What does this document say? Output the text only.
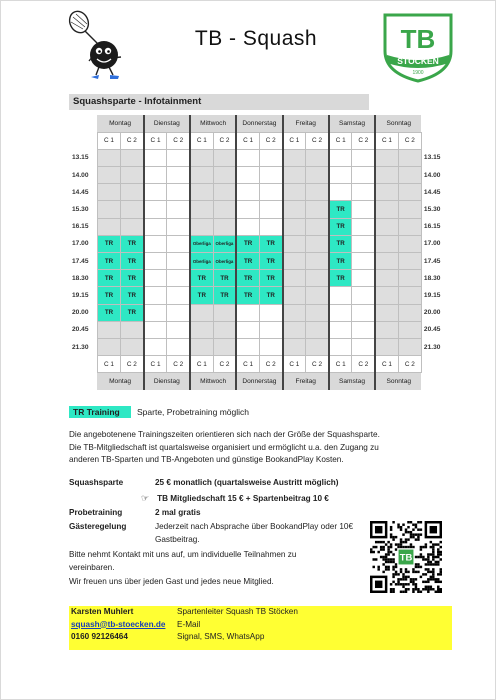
TB - Squash	TB
STÖCKEN
1900
Squashsparte - Infotainment
	Montag		Dienstag		Mittwoch		Donnerstag		Freitag		Samstag		Sonntag		
	C 1	C 2	C 1	C 2	C 1	C 2	C 1	C 2	C 1	C 2	C 1	C 2	C 1	C 2	
13.15															13.15
14.00															14.00
14.45															14.45
15.30											TR				15.30
16.15											TR				16.15
17.00	TR	TR			Oberliga	Oberliga	TR	TR			TR				17.00
17.45	TR	TR			Oberliga	Oberliga	TR	TR			TR				17.45
18.30	TR	TR			TR	TR	TR	TR			TR				18.30
19.15	TR	TR			TR	TR	TR	TR							19.15
20.00	TR	TR													20.00
20.45															20.45
21.30															21.30
	C 1	C 2	C 1	C 2	C 1	C 2	C 1	C 2	C 1	C 2	C 1	C 2	C 1	C 2	
	Montag		Dienstag		Mittwoch		Donnerstag		Freitag		Samstag		Sonntag		
TR Training Sparte, Probetraining möglich
Die angebotenene Trainingszeiten orientieren sich nach der Größe der Squashsparte.
Die TB-Mitgliedschaft ist quartalsweise organisiert und ermöglicht u.a. den Zugang zu
anderen TB-Sparten und TB-Angeboten und günstige BookandPlay Kosten.
Squashsparte	25 € monatlich (quartalsweise Austritt möglich)
☞ TB Mitgliedschaft 15 € + Spartenbeitrag 10 €
Probetraining	2 mal gratis
Gästeregelung	Jederzeit nach Absprache über BookandPlay oder 10€ Gastbeitrag.
Bitte nehmt Kontakt mit uns auf, um individuelle Teilnahmen zu
vereinbaren.
Wir freuen uns über jeden Gast und jedes neue Mitglied.
TB
Karsten Muhlert	Spartenleiter Squash TB Stöcken
squash@tb-stoecken.de E-Mail
0160 92126464	Signal, SMS, WhatsApp
